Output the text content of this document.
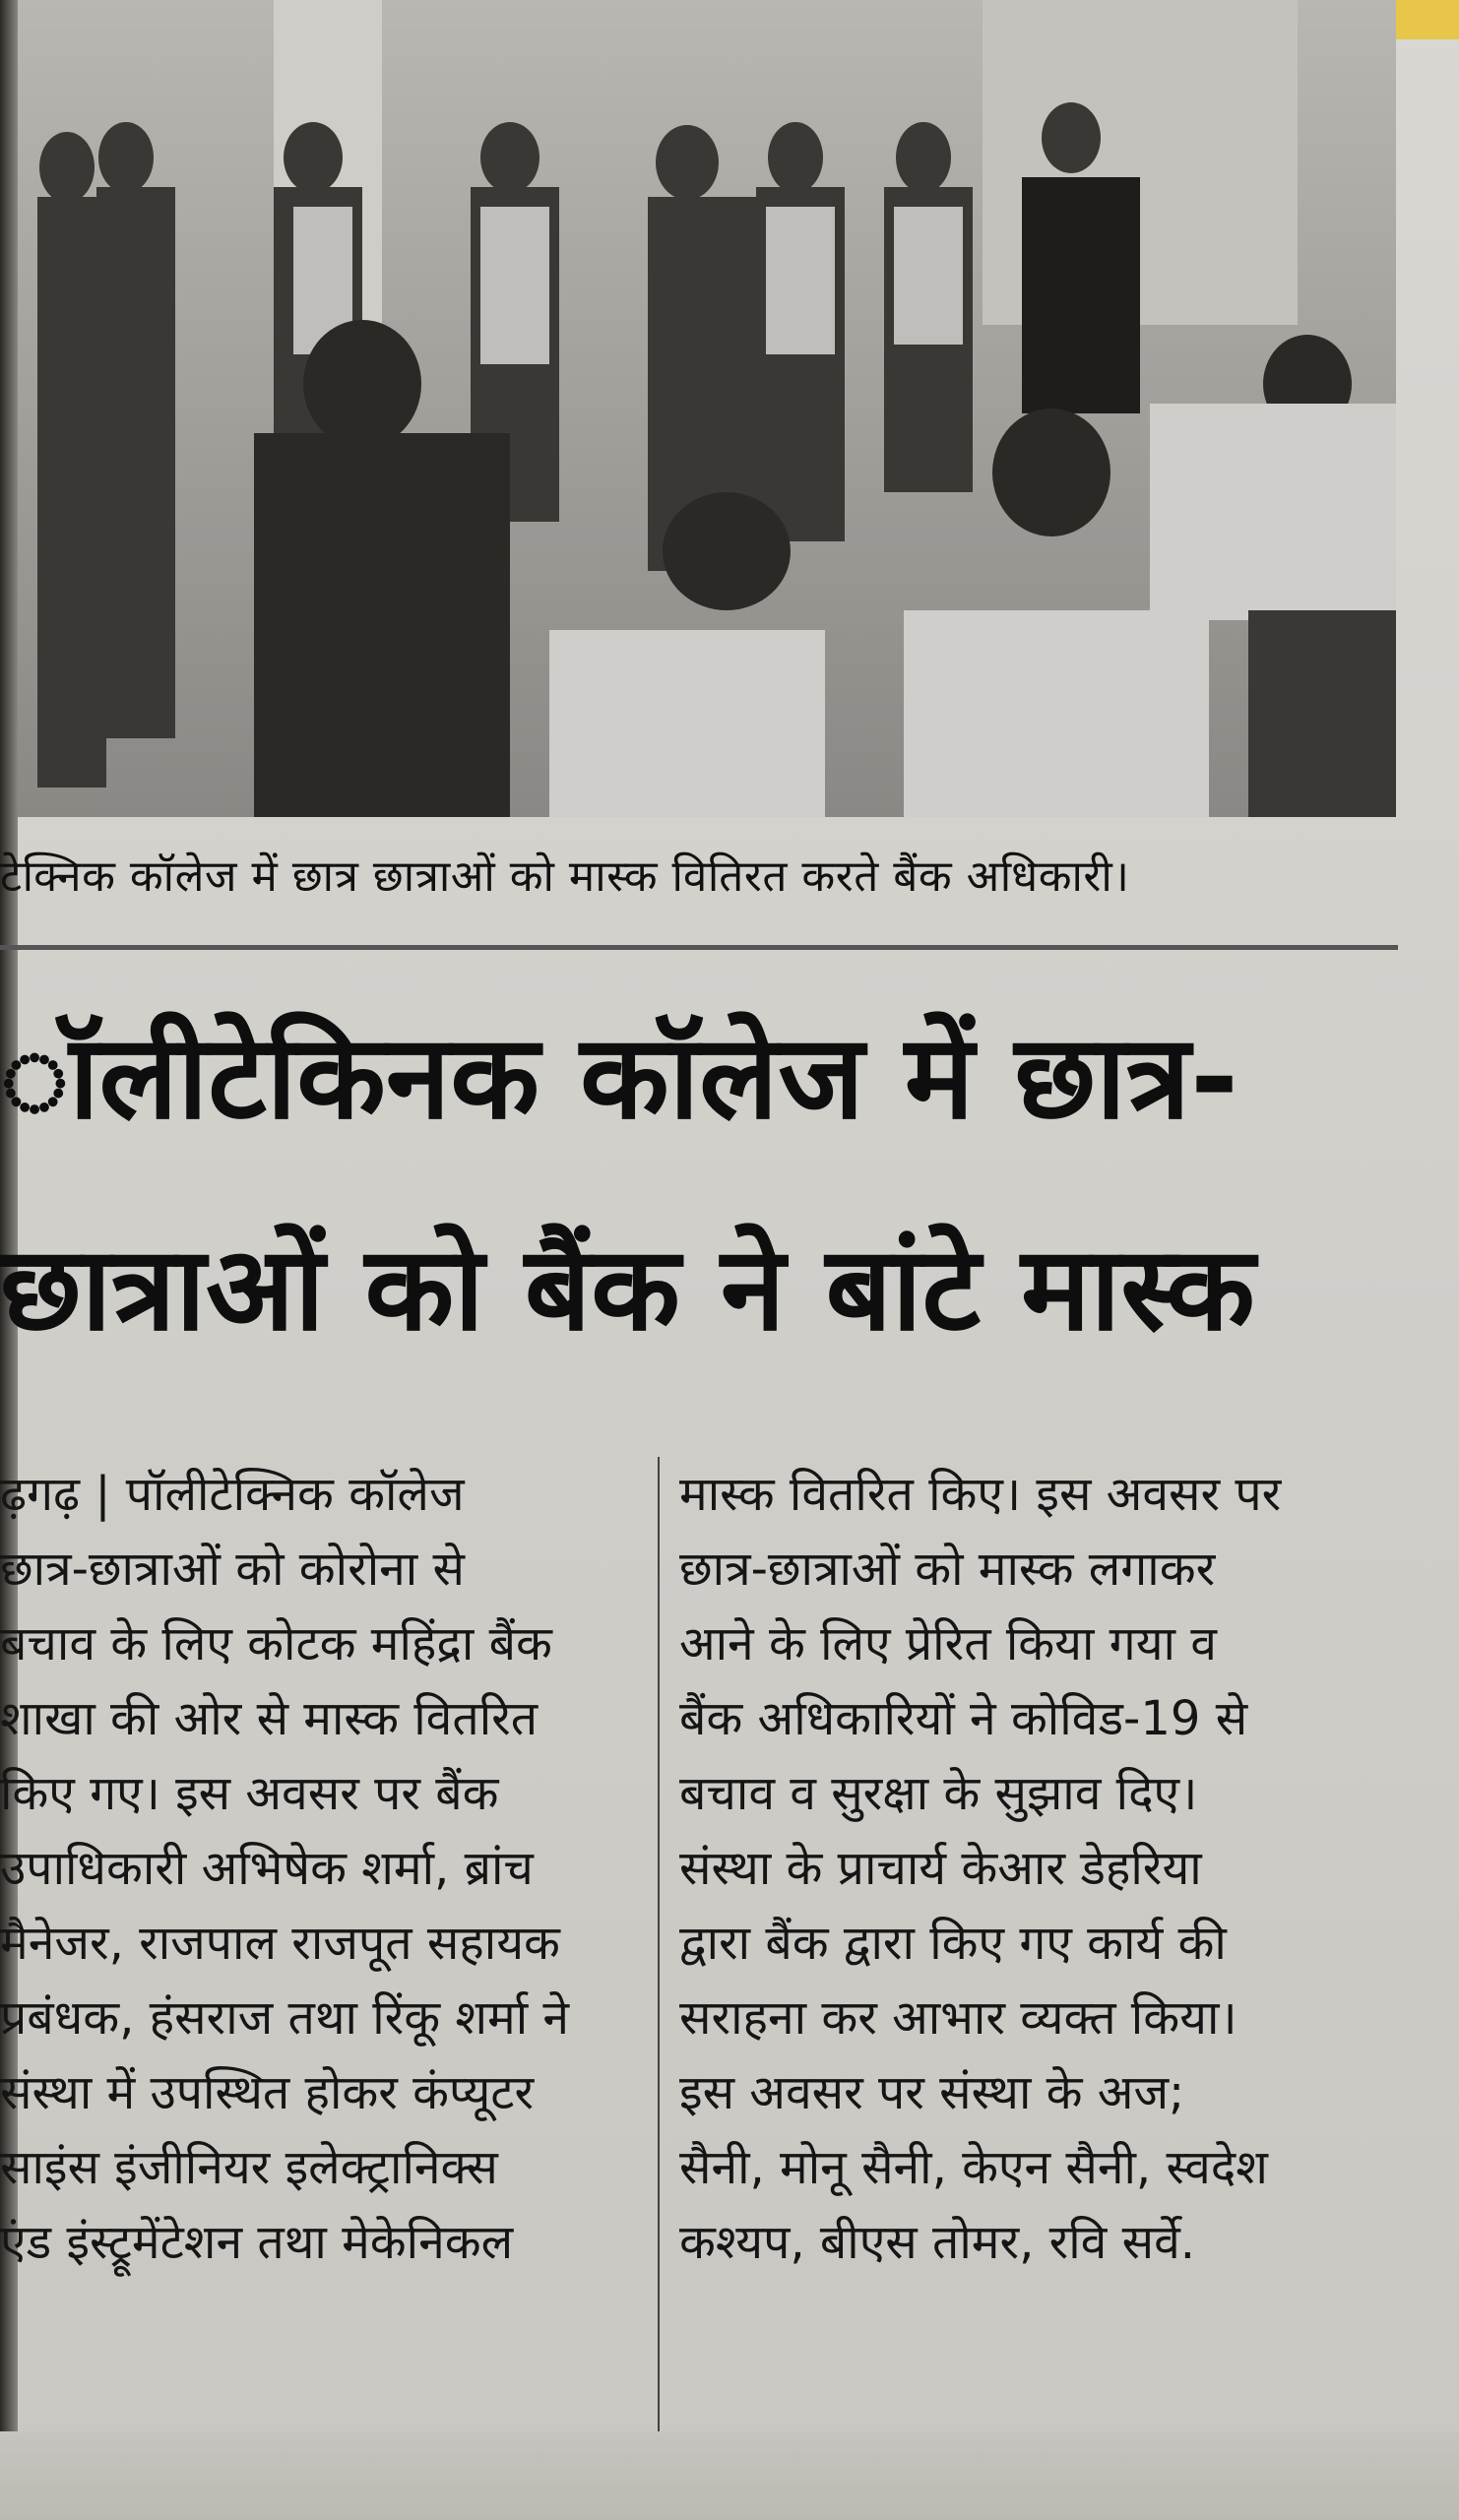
टेक्निक कॉलेज में छात्र छात्राओं को मास्क वितिरत करते बैंक अधिकारी।
ॉलीटेकिनक कॉलेज में छात्र-
छात्राओं को बैंक ने बांटे मास्क
ढ़गढ़ | पॉलीटेक्निक कॉलेज
छात्र-छात्राओं को कोरोना से
बचाव के लिए कोटक महिंद्रा बैंक
शाखा की ओर से मास्क वितरित
किए गए। इस अवसर पर बैंक
उपाधिकारी अभिषेक शर्मा, ब्रांच
मैनेजर, राजपाल राजपूत सहायक
प्रबंधक, हंसराज तथा रिंकू शर्मा ने
संस्था में उपस्थित होकर कंप्यूटर
साइंस इंजीनियर इलेक्ट्रानिक्स
एंड इंस्ट्रूमेंटेशन तथा मेकेनिकल
मास्क वितरित किए। इस अवसर पर
छात्र-छात्राओं को मास्क लगाकर
आने के लिए प्रेरित किया गया व
बैंक अधिकारियों ने कोविड-19 से
बचाव व सुरक्षा के सुझाव दिए।
संस्था के प्राचार्य केआर डेहरिया
द्वारा बैंक द्वारा किए गए कार्य की
सराहना कर आभार व्यक्त किया।
इस अवसर पर संस्था के अज;
सैनी, मोनू सैनी, केएन सैनी, स्वदेश
कश्यप, बीएस तोमर, रवि सर्वे.
